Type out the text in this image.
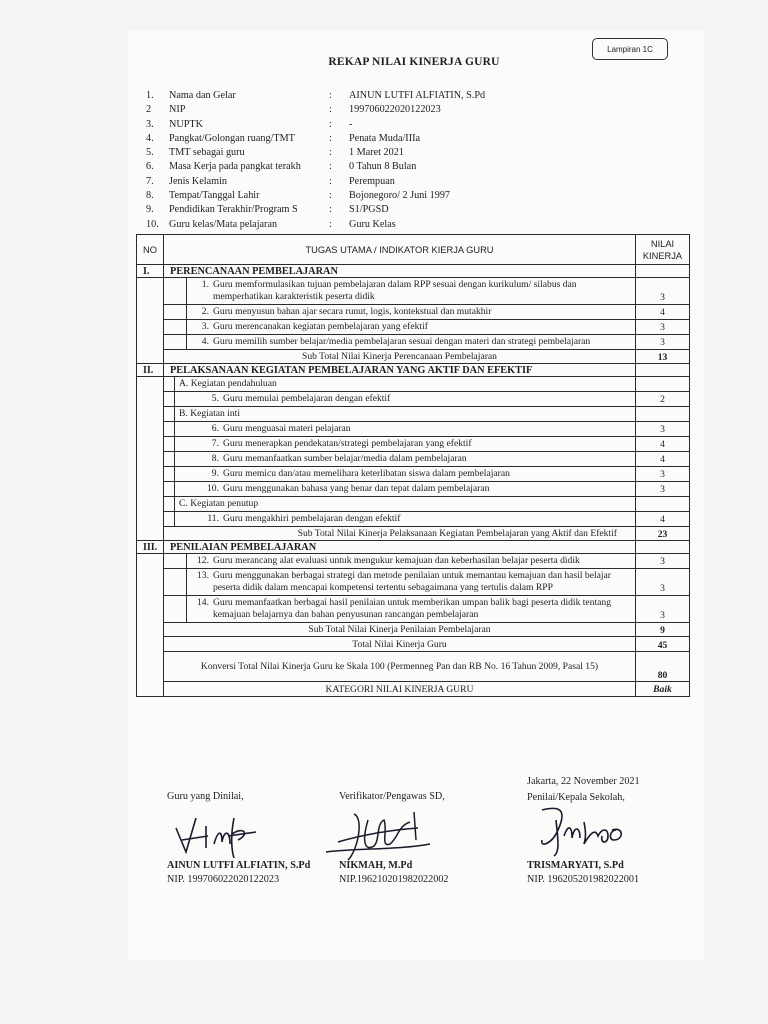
Lampiran 1C
REKAP NILAI KINERJA GURU
1.	Nama dan Gelar	:	AINUN LUTFI ALFIATIN, S.Pd
2	NIP	:	199706022020122023
3.	NUPTK	:	-
4.	Pangkat/Golongan ruang/TMT	:	Penata Muda/IIIa
5.	TMT sebagai guru	:	1 Maret 2021
6.	Masa Kerja pada pangkat terakh	:	0 Tahun 8 Bulan
7.	Jenis Kelamin	:	Perempuan
8.	Tempat/Tanggal Lahir	:	Bojonegoro/ 2 Juni 1997
9.	Pendidikan Terakhir/Program S	:	S1/PGSD
10.	Guru kelas/Mata pelajaran	:	Guru Kelas
NO	TUGAS UTAMA / INDIKATOR KIERJA GURU	NILAI KINERJA
I.	PERENCANAAN PEMBELAJARAN	

	1. Guru memformulasikan tujuan pembelajaran dalam RPP sesuai dengan kurikulum/ silabus dan memperhatikan karakteristik peserta didik	3

	2. Guru menyusun bahan ajar secara runut, logis, kontekstual dan mutakhir	4

	3. Guru merencanakan kegiatan pembelajaran yang efektif	3

	4. Guru memilih sumber belajar/media pembelajaran sesuai dengan materi dan strategi pembelajaran	3
	Sub Total Nilai Kinerja Perencanaan Pembelajaran	13
II.	PELAKSANAAN KEGIATAN PEMBELAJARAN YANG AKTIF DAN EFEKTIF	

	A. Kegiatan pendahuluan	

	5. Guru memulai pembelajaran dengan efektif	2

	B. Kegiatan inti	

	6. Guru menguasai materi pelajaran	3

	7. Guru menerapkan pendekatan/strategi pembelajaran yang efektif	4

	8. Guru memanfaatkan sumber belajar/media dalam pembelajaran	4

	9. Guru memicu dan/atau memelihara keterlibatan siswa dalam pembelajaran	3

	10. Guru menggunakan bahasa yang benar dan tepat dalam pembelajaran	3

	C. Kegiatan penutup	

	11. Guru mengakhiri pembelajaran dengan efektif	4
	Sub Total Nilai Kinerja Pelaksanaan Kegiatan Pembelajaran yang Aktif dan Efektif	23
III.	PENILAIAN PEMBELAJARAN	

	12. Guru merancang alat evaluasi untuk mengukur kemajuan dan keberhasilan belajar peserta didik	3

	13. Guru menggunakan berbagai strategi dan metode penilaian untuk memantau kemajuan dan hasil belajar peserta didik dalam mencapai kompetensi tertentu sebagaimana yang tertulis dalam RPP	3

	14. Guru memanfaatkan berbagai hasil penilaian untuk memberikan umpan balik bagi peserta didik tentang kemajuan belajarnya dan bahan penyusunan rancangan pembelajaran	3
	Sub Total Nilai Kinerja Penilaian Pembelajaran	9
	Total Nilai Kinerja Guru	45
	Konversi Total Nilai Kinerja Guru ke Skala 100 (Permenneg Pan dan RB No. 16 Tahun 2009, Pasal 15)	80
	KATEGORI NILAI KINERJA GURU	Baik
Jakarta, 22 November 2021
Guru yang Dinilai,	Verifikator/Pengawas SD,	Penilai/Kepala Sekolah,
AINUN LUTFI ALFIATIN, S.Pd
NIP. 199706022020122023
NIKMAH, M.Pd
NIP.196210201982022002
TRISMARYATI, S.Pd
NIP. 196205201982022001
